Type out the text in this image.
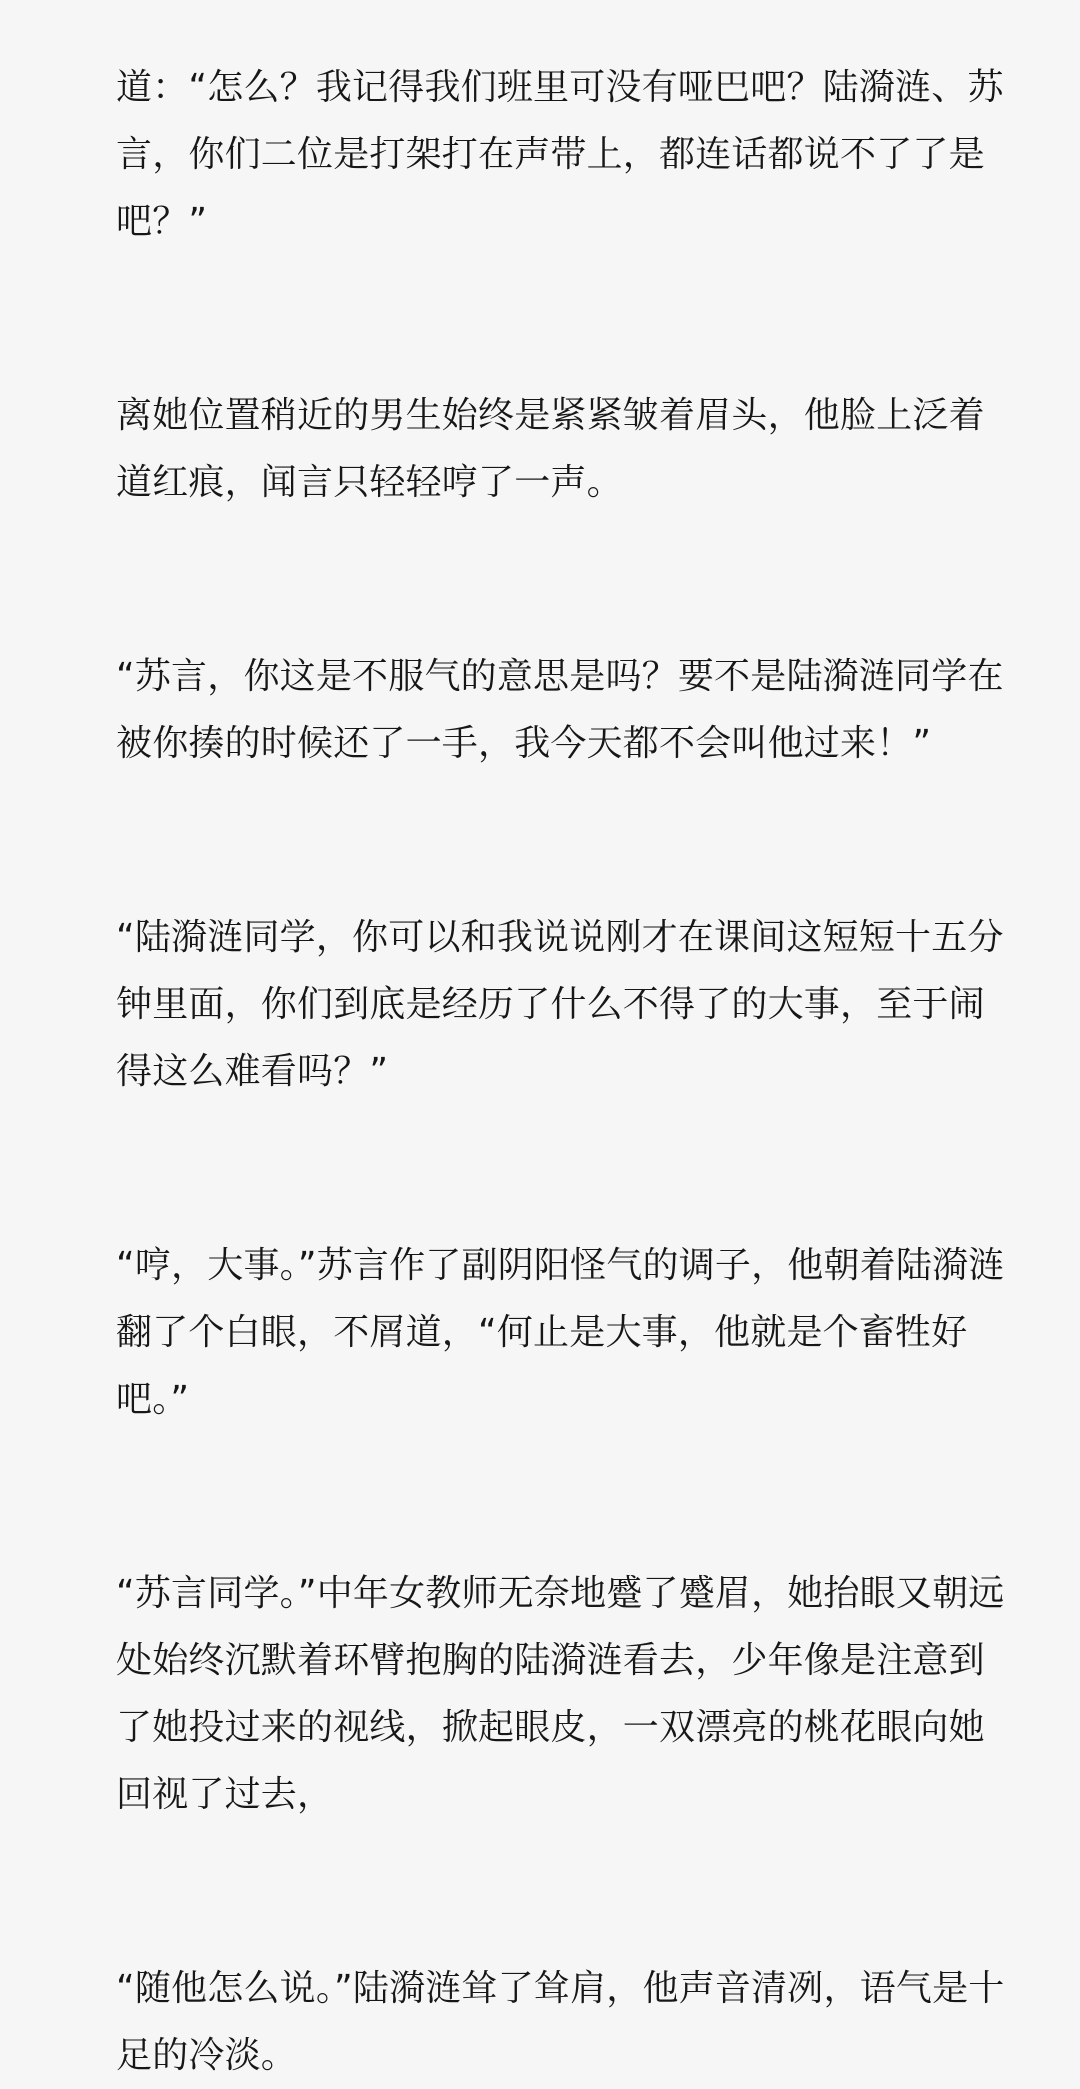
道：“怎么？我记得我们班里可没有哑巴吧？陆漪涟、苏言，你们二位是打架打在声带上，都连话都说不了了是吧？”

离她位置稍近的男生始终是紧紧皱着眉头，他脸上泛着道红痕，闻言只轻轻哼了一声。

“苏言，你这是不服气的意思是吗？要不是陆漪涟同学在被你揍的时候还了一手，我今天都不会叫他过来！”

“陆漪涟同学，你可以和我说说刚才在课间这短短十五分钟里面，你们到底是经历了什么不得了的大事，至于闹得这么难看吗？”

“哼，大事。”苏言作了副阴阳怪气的调子，他朝着陆漪涟翻了个白眼，不屑道，“何止是大事，他就是个畜牲好吧。”

“苏言同学。”中年女教师无奈地蹙了蹙眉，她抬眼又朝远处始终沉默着环臂抱胸的陆漪涟看去，少年像是注意到了她投过来的视线，掀起眼皮，一双漂亮的桃花眼向她回视了过去，

“随他怎么说。”陆漪涟耸了耸肩，他声音清冽，语气是十足的冷淡。
